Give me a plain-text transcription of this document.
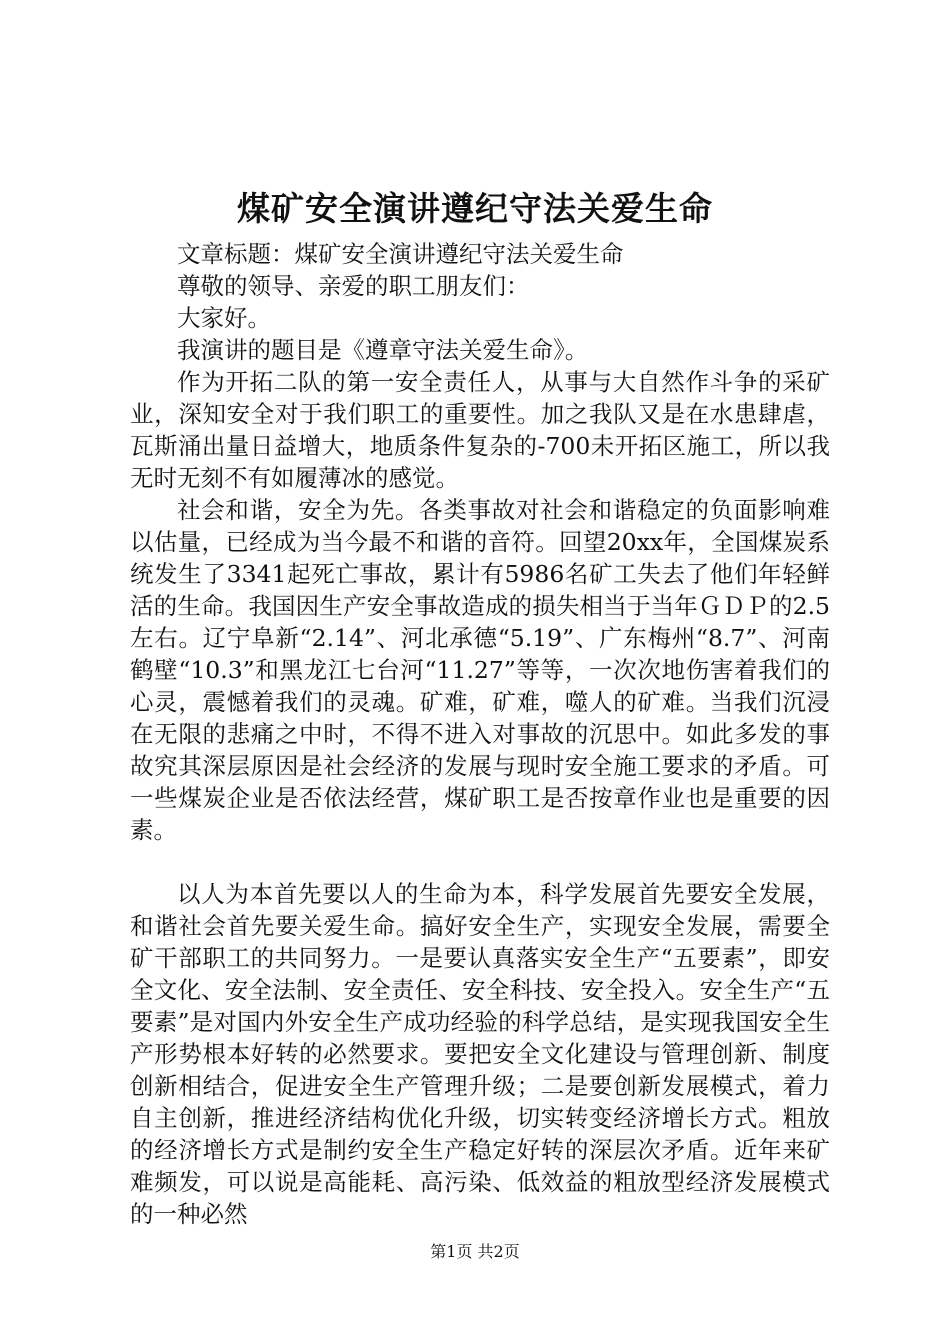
煤矿安全演讲遵纪守法关爱生命

文章标题：煤矿安全演讲遵纪守法关爱生命

尊敬的领导、亲爱的职工朋友们：

大家好。

我演讲的题目是《遵章守法关爱生命》。

作为开拓二队的第一安全责任人，从事与大自然作斗争的采矿业，深知安全对于我们职工的重要性。加之我队又是在水患肆虐，瓦斯涌出量日益增大，地质条件复杂的-700未开拓区施工，所以我无时无刻不有如履薄冰的感觉。

社会和谐，安全为先。各类事故对社会和谐稳定的负面影响难以估量，已经成为当今最不和谐的音符。回望20xx年，全国煤炭系统发生了3341起死亡事故，累计有5986名矿工失去了他们年轻鲜活的生命。我国因生产安全事故造成的损失相当于当年ＧＤＰ的2.5左右。辽宁阜新“2.14”、河北承德“5.19”、广东梅州“8.7”、河南鹤壁“10.3”和黑龙江七台河“11.27”等等，一次次地伤害着我们的心灵，震憾着我们的灵魂。矿难，矿难，噬人的矿难。当我们沉浸在无限的悲痛之中时，不得不进入对事故的沉思中。如此多发的事故究其深层原因是社会经济的发展与现时安全施工要求的矛盾。可一些煤炭企业是否依法经营，煤矿职工是否按章作业也是重要的因素。

以人为本首先要以人的生命为本，科学发展首先要安全发展，和谐社会首先要关爱生命。搞好安全生产，实现安全发展，需要全矿干部职工的共同努力。一是要认真落实安全生产“五要素”，即安全文化、安全法制、安全责任、安全科技、安全投入。安全生产“五要素”是对国内外安全生产成功经验的科学总结，是实现我国安全生产形势根本好转的必然要求。要把安全文化建设与管理创新、制度创新相结合，促进安全生产管理升级；二是要创新发展模式，着力自主创新，推进经济结构优化升级，切实转变经济增长方式。粗放的经济增长方式是制约安全生产稳定好转的深层次矛盾。近年来矿难频发，可以说是高能耗、高污染、低效益的粗放型经济发展模式的一种必然

第1页 共2页
